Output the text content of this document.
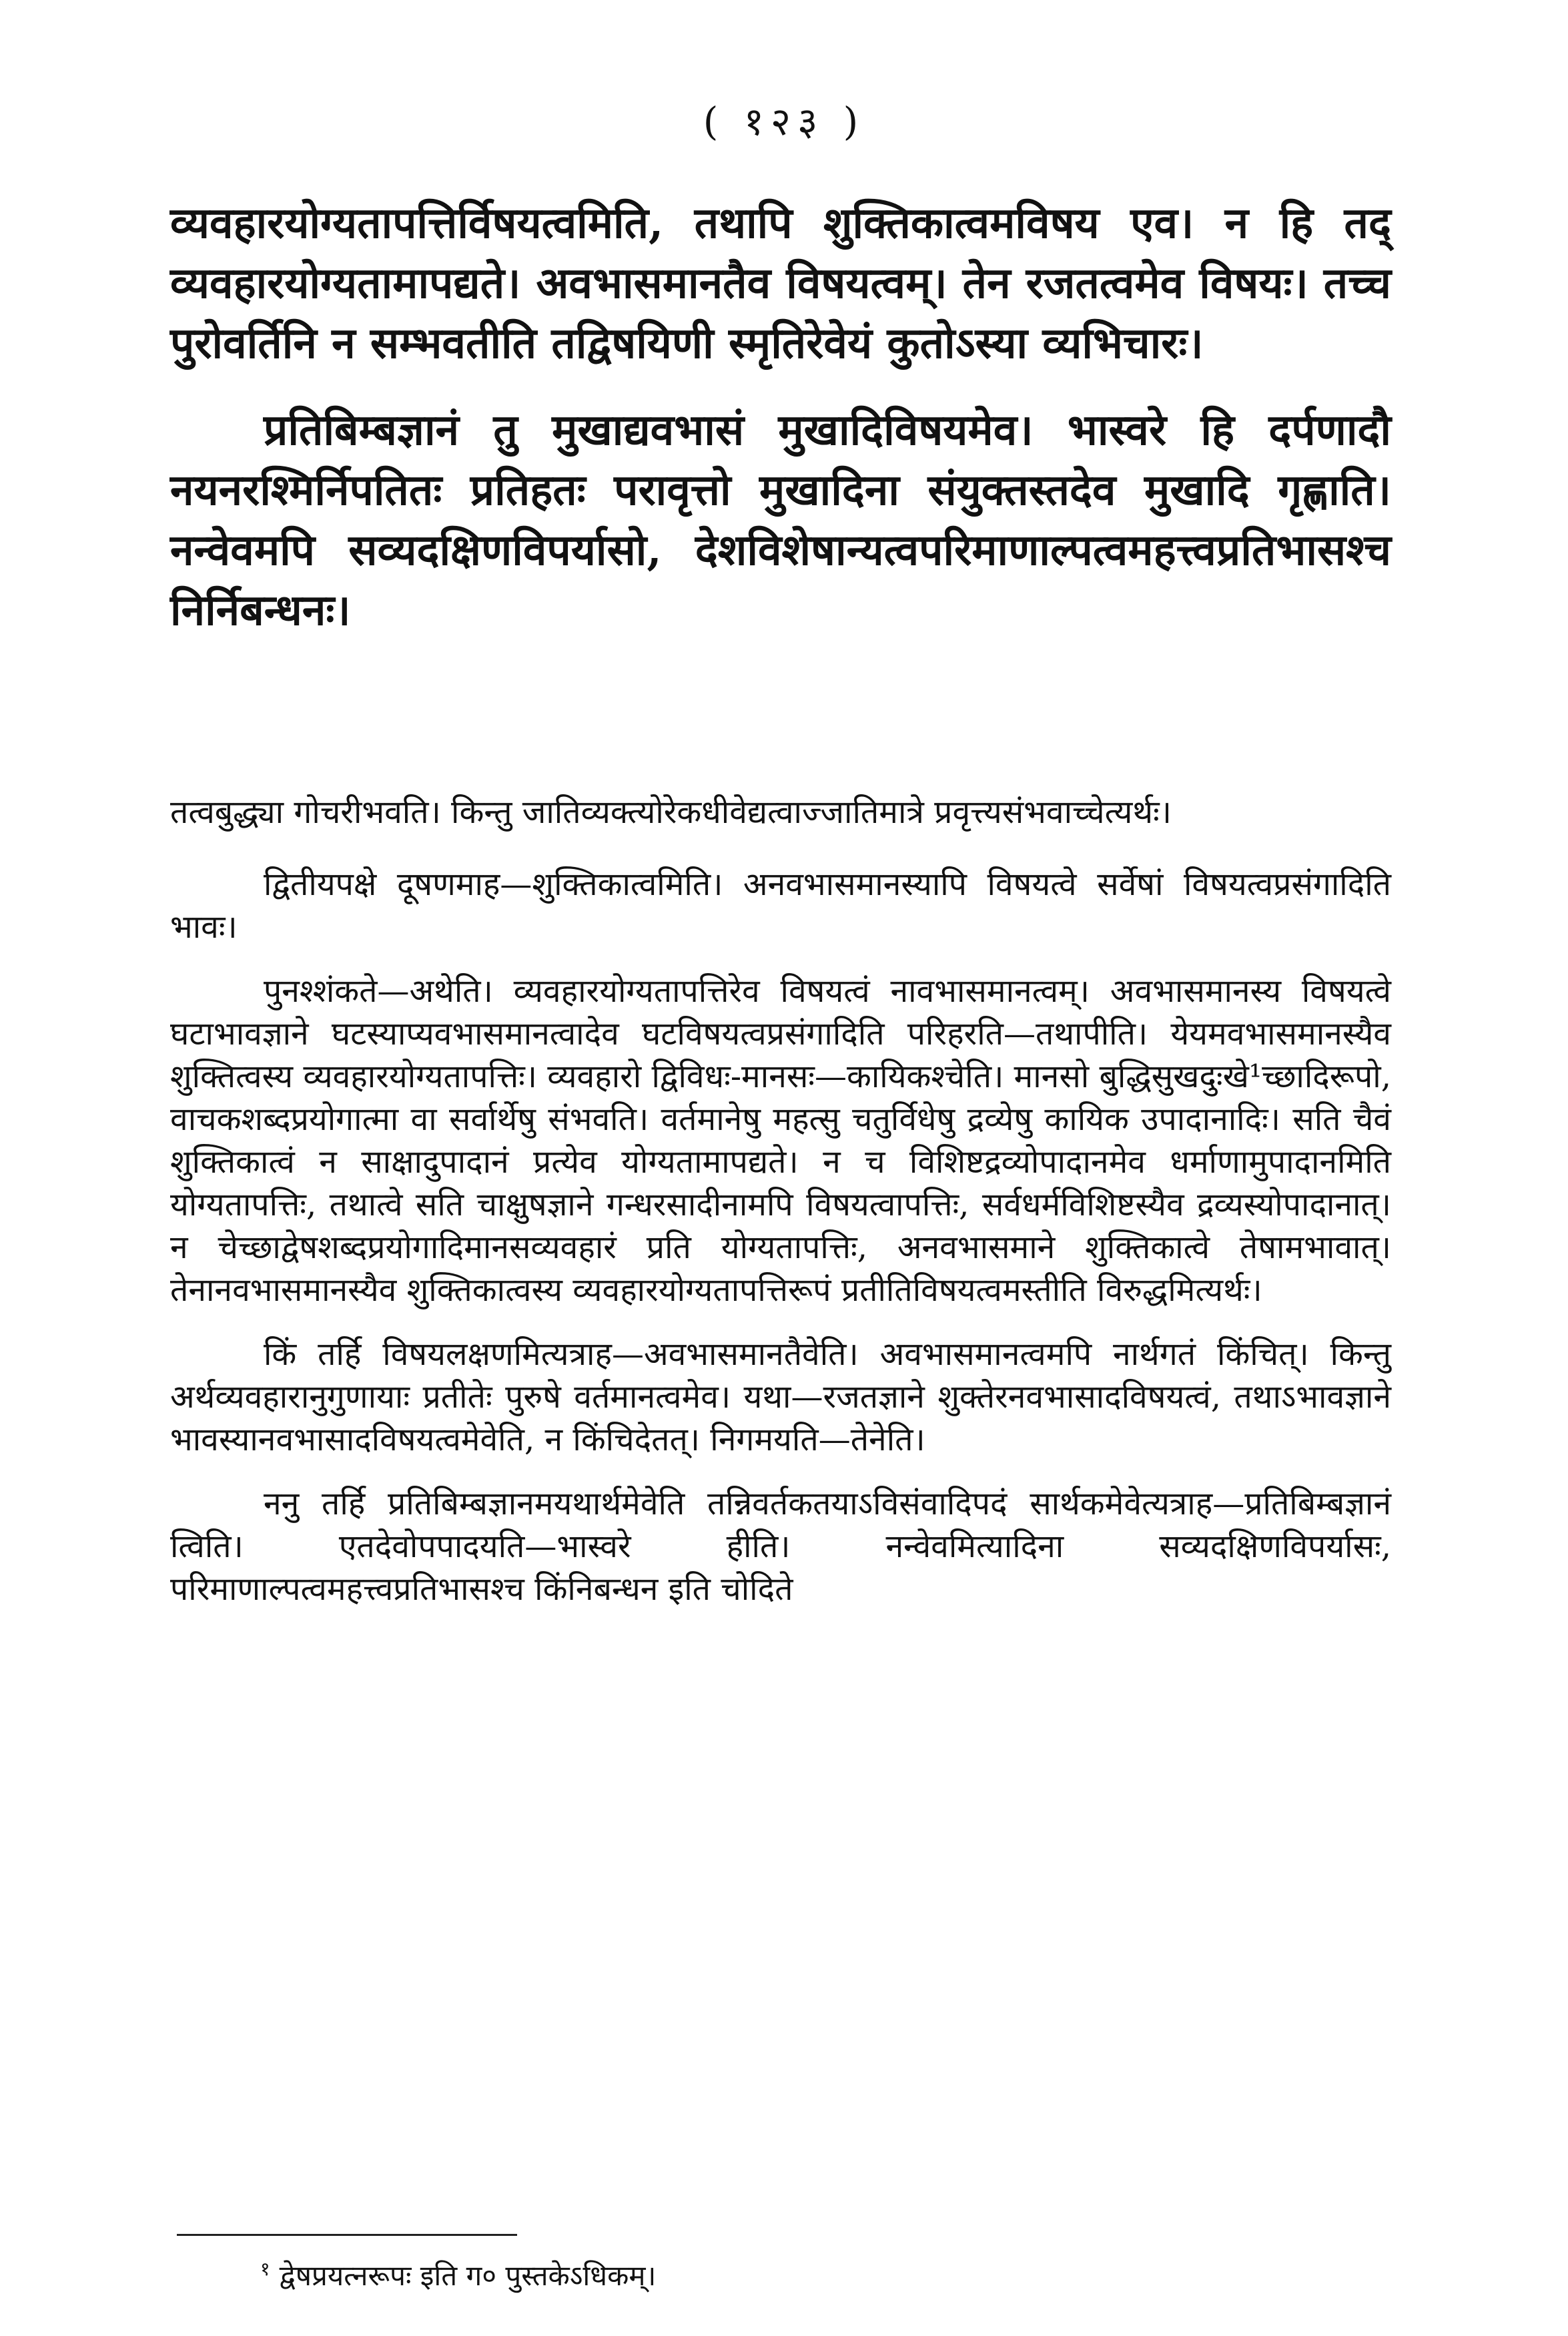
( १२३ )

व्यवहारयोग्यतापत्तिर्विषयत्वमिति, तथापि शुक्तिकात्वमविषय एव। न हि तद् व्यवहारयोग्यतामापद्यते। अवभासमानतैव विषयत्वम्। तेन रजतत्वमेव विषयः। तच्च पुरोवर्तिनि न सम्भवतीति तद्विषयिणी स्मृतिरेवेयं कुतोऽस्या व्यभिचारः।

प्रतिबिम्बज्ञानं तु मुखाद्यवभासं मुखादिविषयमेव। भास्वरे हि दर्पणादौ नयनरश्मिर्निपतितः प्रतिहतः परावृत्तो मुखादिना संयुक्तस्तदेव मुखादि गृह्णाति। नन्वेवमपि सव्यदक्षिणविपर्यासो, देशविशेषान्यत्वपरिमाणाल्पत्वमहत्त्वप्रतिभासश्च निर्निबन्धनः।

तत्वबुद्ध्या गोचरीभवति। किन्तु जातिव्यक्त्योरेकधीवेद्यत्वाज्जातिमात्रे प्रवृत्त्यसंभवाच्चेत्यर्थः।

द्वितीयपक्षे दूषणमाह—शुक्तिकात्वमिति। अनवभासमानस्यापि विषयत्वे सर्वेषां विषयत्वप्रसंगादिति भावः।

पुनश्शंकते—अथेति। व्यवहारयोग्यतापत्तिरेव विषयत्वं नावभासमानत्वम्। अवभासमानस्य विषयत्वे घटाभावज्ञाने घटस्याप्यवभासमानत्वादेव घटविषयत्वप्रसंगादिति परिहरति—तथापीति। येयमवभासमानस्यैव शुक्तित्वस्य व्यवहारयोग्यतापत्तिः। व्यवहारो द्विविधः-मानसः—कायिकश्चेति। मानसो बुद्धिसुखदुःखे¹च्छादिरूपो, वाचकशब्दप्रयोगात्मा वा सर्वार्थेषु संभवति। वर्तमानेषु महत्सु चतुर्विधेषु द्रव्येषु कायिक उपादानादिः। सति चैवं शुक्तिकात्वं न साक्षादुपादानं प्रत्येव योग्यतामापद्यते। न च विशिष्टद्रव्योपादानमेव धर्माणामुपादानमिति योग्यतापत्तिः, तथात्वे सति चाक्षुषज्ञाने गन्धरसादीनामपि विषयत्वापत्तिः, सर्वधर्मविशिष्टस्यैव द्रव्यस्योपादानात्। न चेच्छाद्वेषशब्दप्रयोगादिमानसव्यवहारं प्रति योग्यतापत्तिः, अनवभासमाने शुक्तिकात्वे तेषामभावात्। तेनानवभासमानस्यैव शुक्तिकात्वस्य व्यवहारयोग्यतापत्तिरूपं प्रतीतिविषयत्वमस्तीति विरुद्धमित्यर्थः।

किं तर्हि विषयलक्षणमित्यत्राह—अवभासमानतैवेति। अवभासमानत्वमपि नार्थगतं किंचित्। किन्तु अर्थव्यवहारानुगुणायाः प्रतीतेः पुरुषे वर्तमानत्वमेव। यथा—रजतज्ञाने शुक्तेरनवभासादविषयत्वं, तथाऽभावज्ञाने भावस्यानवभासादविषयत्वमेवेति, न किंचिदेतत्। निगमयति—तेनेति।

ननु तर्हि प्रतिबिम्बज्ञानमयथार्थमेवेति तन्निवर्तकतयाऽविसंवादिपदं सार्थकमेवेत्यत्राह—प्रतिबिम्बज्ञानं त्विति। एतदेवोपपादयति—भास्वरे हीति। नन्वेवमित्यादिना सव्यदक्षिणविपर्यासः, परिमाणाल्पत्वमहत्त्वप्रतिभासश्च किंनिबन्धन इति चोदिते

$^१$ द्वेषप्रयत्नरूपः इति ग० पुस्तकेऽधिकम्।
